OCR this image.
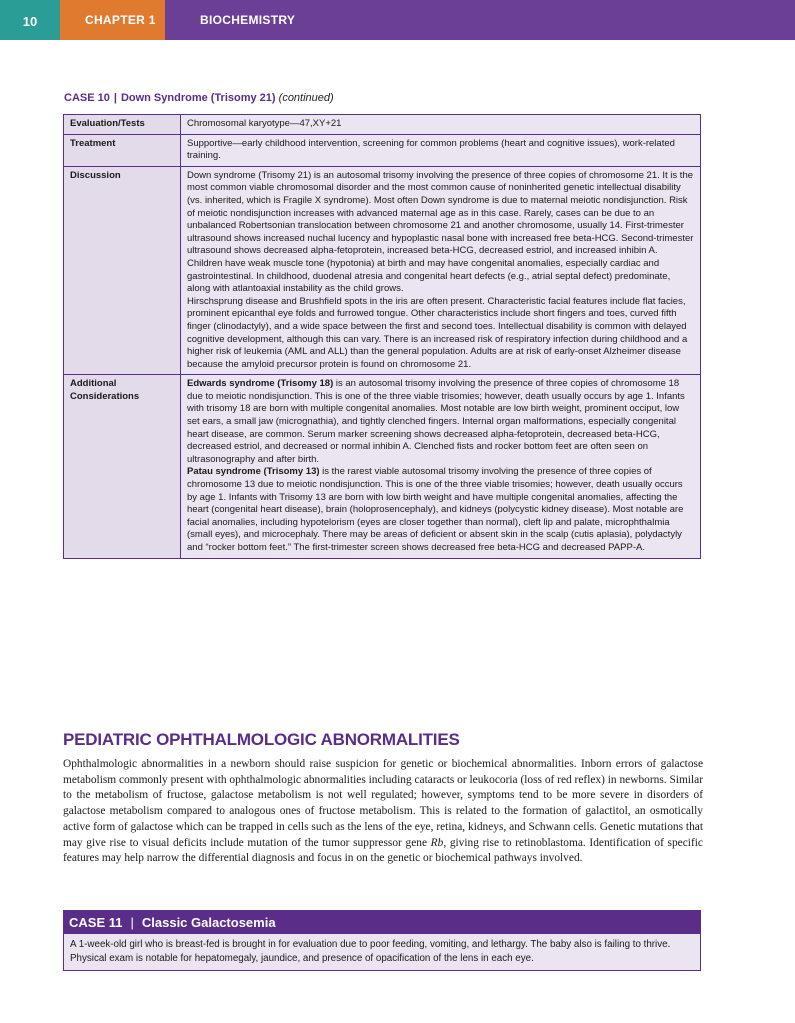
10	CHAPTER 1	BIOCHEMISTRY
CASE 10 | Down Syndrome (Trisomy 21) (continued)
Evaluation/Tests	Chromosomal karyotype—47,XY+21
Treatment	Supportive—early childhood intervention, screening for common problems (heart and cognitive issues), work-related training.
Discussion	Down syndrome (Trisomy 21) is an autosomal trisomy involving the presence of three copies of chromosome 21. It is the most common viable chromosomal disorder and the most common cause of noninherited genetic intellectual disability (vs. inherited, which is Fragile X syndrome). Most often Down syndrome is due to maternal meiotic nondisjunction. Risk of meiotic nondisjunction increases with advanced maternal age as in this case. Rarely, cases can be due to an unbalanced Robertsonian translocation between chromosome 21 and another chromosome, usually 14. First-trimester ultrasound shows increased nuchal lucency and hypoplastic nasal bone with increased free beta-HCG. Second-trimester ultrasound shows decreased alpha-fetoprotein, increased beta-HCG, decreased estriol, and increased inhibin A. Children have weak muscle tone (hypotonia) at birth and may have congenital anomalies, especially cardiac and gastrointestinal. In childhood, duodenal atresia and congenital heart defects (e.g., atrial septal defect) predominate, along with atlantoaxial instability as the child grows.

Hirschsprung disease and Brushfield spots in the iris are often present. Characteristic facial features include flat facies, prominent epicanthal eye folds and furrowed tongue. Other characteristics include short fingers and toes, curved fifth finger (clinodactyly), and a wide space between the first and second toes. Intellectual disability is common with delayed cognitive development, although this can vary. There is an increased risk of respiratory infection during childhood and a higher risk of leukemia (AML and ALL) than the general population. Adults are at risk of early-onset Alzheimer disease because the amyloid precursor protein is found on chromosome 21.

Additional Considerations	Edwards syndrome (Trisomy 18) is an autosomal trisomy involving the presence of three copies of chromosome 18 due to meiotic nondisjunction. This is one of the three viable trisomies; however, death usually occurs by age 1. Infants with trisomy 18 are born with multiple congenital anomalies. Most notable are low birth weight, prominent occiput, low set ears, a small jaw (micrognathia), and tightly clenched fingers. Internal organ malformations, especially congenital heart disease, are common. Serum marker screening shows decreased alpha-fetoprotein, decreased beta-HCG, decreased estriol, and decreased or normal inhibin A. Clenched fists and rocker bottom feet are often seen on ultrasonography and after birth.

Patau syndrome (Trisomy 13) is the rarest viable autosomal trisomy involving the presence of three copies of chromosome 13 due to meiotic nondisjunction. This is one of the three viable trisomies; however, death usually occurs by age 1. Infants with Trisomy 13 are born with low birth weight and have multiple congenital anomalies, affecting the heart (congenital heart disease), brain (holoprosencephaly), and kidneys (polycystic kidney disease). Most notable are facial anomalies, including hypotelorism (eyes are closer together than normal), cleft lip and palate, microphthalmia (small eyes), and microcephaly. There may be areas of deficient or absent skin in the scalp (cutis aplasia), polydactyly and “rocker bottom feet.” The first-trimester screen shows decreased free beta-HCG and decreased PAPP-A.

PEDIATRIC OPHTHALMOLOGIC ABNORMALITIES
Ophthalmologic abnormalities in a newborn should raise suspicion for genetic or biochemical abnormalities. Inborn errors of galactose metabolism commonly present with ophthalmologic abnormalities including cataracts or leukocoria (loss of red reflex) in newborns. Similar to the metabolism of fructose, galactose metabolism is not well regulated; however, symptoms tend to be more severe in disorders of galactose metabolism compared to analogous ones of fructose metabolism. This is related to the formation of galactitol, an osmotically active form of galactose which can be trapped in cells such as the lens of the eye, retina, kidneys, and Schwann cells. Genetic mutations that may give rise to visual deficits include mutation of the tumor suppressor gene Rb, giving rise to retinoblastoma. Identification of specific features may help narrow the differential diagnosis and focus in on the genetic or biochemical pathways involved.
CASE 11 | Classic Galactosemia
A 1-week-old girl who is breast-fed is brought in for evaluation due to poor feeding, vomiting, and lethargy. The baby also is failing to thrive. Physical exam is notable for hepatomegaly, jaundice, and presence of opacification of the lens in each eye.
